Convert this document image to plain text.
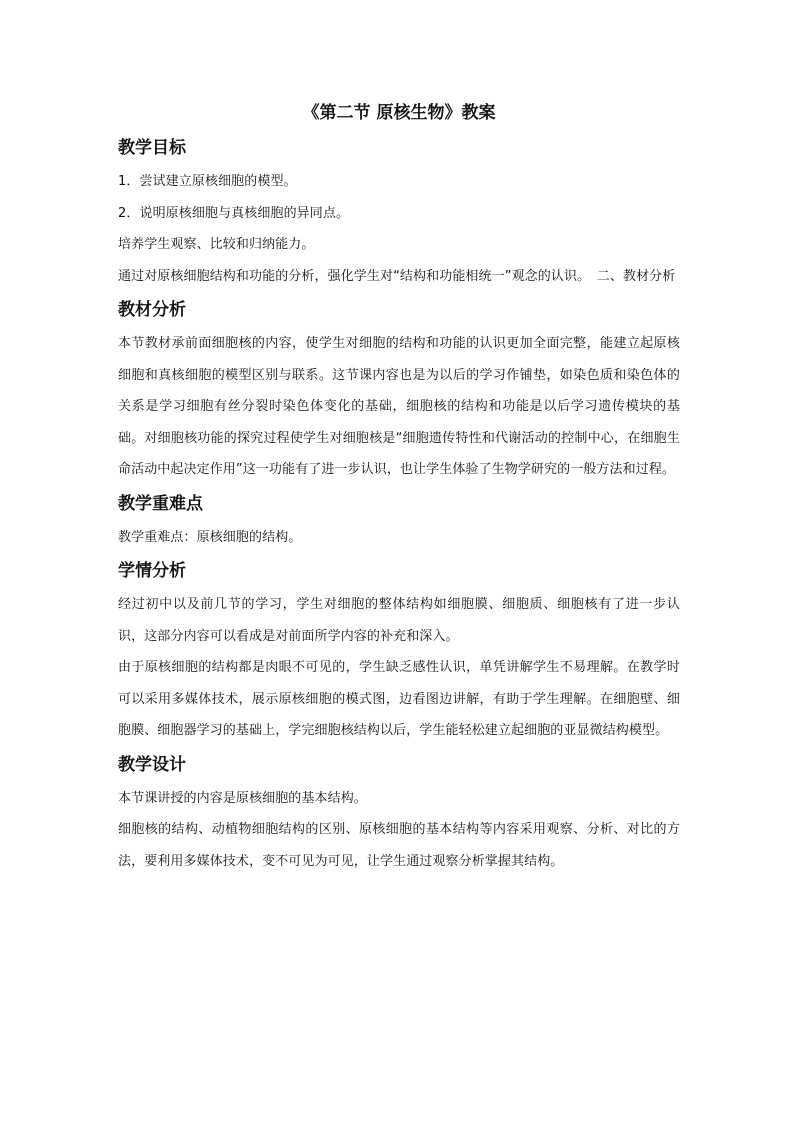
《第二节 原核生物》教案
教学目标

1．尝试建立原核细胞的模型。

2．说明原核细胞与真核细胞的异同点。

培养学生观察、比较和归纳能力。

通过对原核细胞结构和功能的分析，强化学生对“结构和功能相统一”观念的认识。　二、教材分析

教材分析

本节教材承前面细胞核的内容，使学生对细胞的结构和功能的认识更加全面完整，能建立起原核细胞和真核细胞的模型区别与联系。这节课内容也是为以后的学习作铺垫，如染色质和染色体的关系是学习细胞有丝分裂时染色体变化的基础，细胞核的结构和功能是以后学习遗传模块的基础。对细胞核功能的探究过程使学生对细胞核是“细胞遗传特性和代谢活动的控制中心，在细胞生命活动中起决定作用”这一功能有了进一步认识，也让学生体验了生物学研究的一般方法和过程。

教学重难点

教学重难点：原核细胞的结构。

学情分析

经过初中以及前几节的学习，学生对细胞的整体结构如细胞膜、细胞质、细胞核有了进一步认识，这部分内容可以看成是对前面所学内容的补充和深入。

由于原核细胞的结构都是肉眼不可见的，学生缺乏感性认识，单凭讲解学生不易理解。在教学时可以采用多媒体技术，展示原核细胞的模式图，边看图边讲解，有助于学生理解。在细胞壁、细胞膜、细胞器学习的基础上，学完细胞核结构以后，学生能轻松建立起细胞的亚显微结构模型。

教学设计

本节课讲授的内容是原核细胞的基本结构。

细胞核的结构、动植物细胞结构的区别、原核细胞的基本结构等内容采用观察、分析、对比的方法，要利用多媒体技术，变不可见为可见，让学生通过观察分析掌握其结构。
